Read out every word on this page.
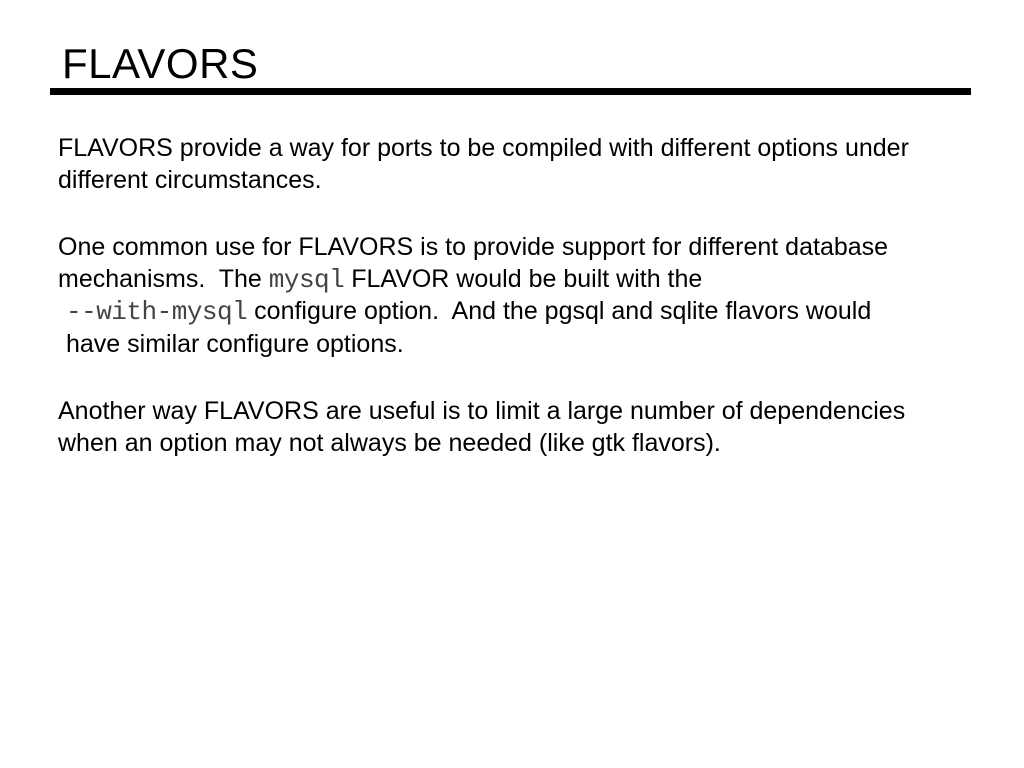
FLAVORS
FLAVORS provide a way for ports to be compiled with different options under
different circumstances.
One common use for FLAVORS is to provide support for different database
mechanisms.  The mysql FLAVOR would be built with the
--with-mysql configure option.  And the pgsql and sqlite flavors would
have similar configure options.
Another way FLAVORS are useful is to limit a large number of dependencies
when an option may not always be needed (like gtk flavors).
